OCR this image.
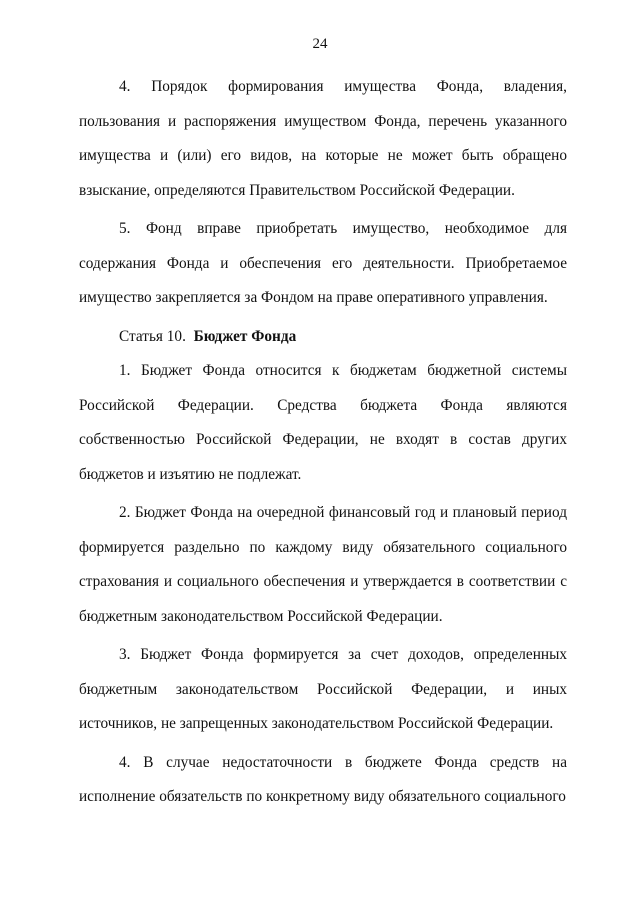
24

4. Порядок формирования имущества Фонда, владения, пользования и распоряжения имуществом Фонда, перечень указанного имущества и (или) его видов, на которые не может быть обращено взыскание, определяются Правительством Российской Федерации.

5. Фонд вправе приобретать имущество, необходимое для содержания Фонда и обеспечения его деятельности. Приобретаемое имущество закрепляется за Фондом на праве оперативного управления.

Статья 10. Бюджет Фонда

1. Бюджет Фонда относится к бюджетам бюджетной системы Российской Федерации. Средства бюджета Фонда являются собственностью Российской Федерации, не входят в состав других бюджетов и изъятию не подлежат.

2. Бюджет Фонда на очередной финансовый год и плановый период формируется раздельно по каждому виду обязательного социального страхования и социального обеспечения и утверждается в соответствии с бюджетным законодательством Российской Федерации.

3. Бюджет Фонда формируется за счет доходов, определенных бюджетным законодательством Российской Федерации, и иных источников, не запрещенных законодательством Российской Федерации.

4. В случае недостаточности в бюджете Фонда средств на исполнение обязательств по конкретному виду обязательного социального
